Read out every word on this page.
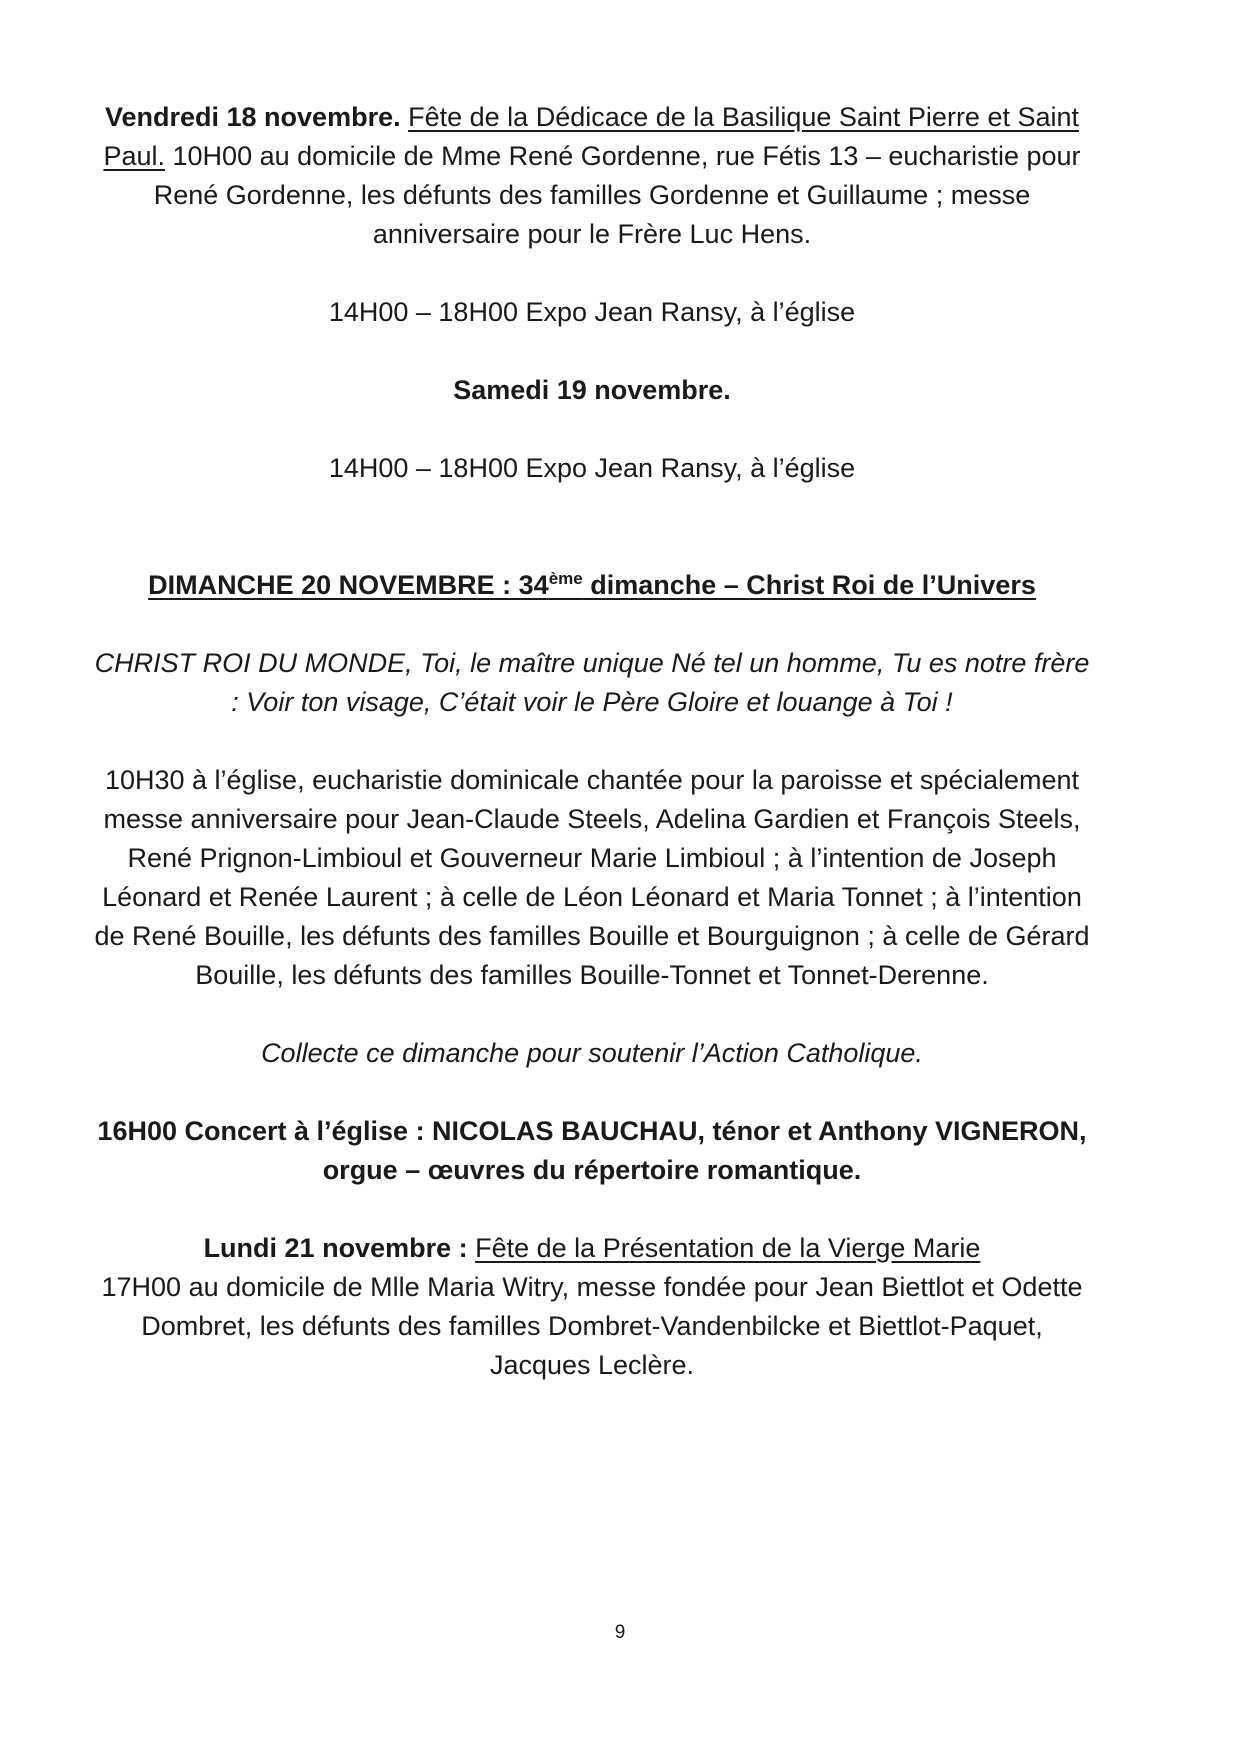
Vendredi 18 novembre. Fête de la Dédicace de la Basilique Saint Pierre et Saint Paul. 10H00 au domicile de Mme René Gordenne, rue Fétis 13 – eucharistie pour René Gordenne, les défunts des familles Gordenne et Guillaume ; messe anniversaire pour le Frère Luc Hens.

14H00 – 18H00 Expo Jean Ransy, à l’église

Samedi 19 novembre.

14H00 – 18H00 Expo Jean Ransy, à l’église

DIMANCHE 20 NOVEMBRE : 34ème dimanche – Christ Roi de l’Univers

CHRIST ROI DU MONDE, Toi, le maître unique Né tel un homme, Tu es notre frère : Voir ton visage, C’était voir le Père Gloire et louange à Toi !

10H30 à l’église, eucharistie dominicale chantée pour la paroisse et spécialement messe anniversaire pour Jean-Claude Steels, Adelina Gardien et François Steels, René Prignon-Limbioul et Gouverneur Marie Limbioul ; à l’intention de Joseph Léonard et Renée Laurent ; à celle de Léon Léonard et Maria Tonnet ; à l’intention de René Bouille, les défunts des familles Bouille et Bourguignon ; à celle de Gérard Bouille, les défunts des familles Bouille-Tonnet et Tonnet-Derenne.

Collecte ce dimanche pour soutenir l’Action Catholique.

16H00 Concert à l’église : NICOLAS BAUCHAU, ténor et Anthony VIGNERON, orgue – œuvres du répertoire romantique.

Lundi 21 novembre : Fête de la Présentation de la Vierge Marie
17H00 au domicile de Mlle Maria Witry, messe fondée pour Jean Biettlot et Odette Dombret, les défunts des familles Dombret-Vandenbilcke et Biettlot-Paquet, Jacques Leclère.

9
